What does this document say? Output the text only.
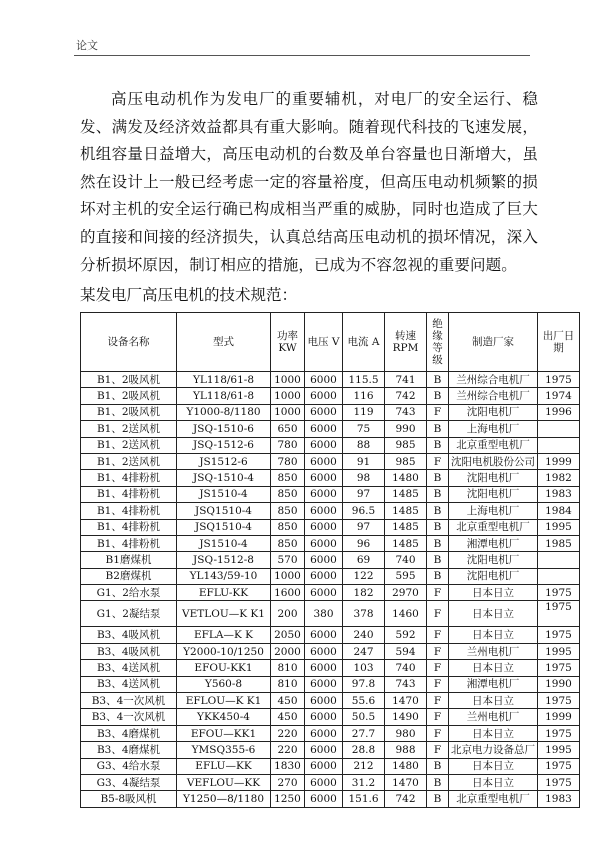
论文

高压电动机作为发电厂的重要辅机，对电厂的安全运行、稳发、满发及经济效益都具有重大影响。随着现代科技的飞速发展，机组容量日益增大，高压电动机的台数及单台容量也日渐增大，虽然在设计上一般已经考虑一定的容量裕度，但高压电动机频繁的损坏对主机的安全运行确已构成相当严重的威胁，同时也造成了巨大的直接和间接的经济损失，认真总结高压电动机的损坏情况，深入分析损坏原因，制订相应的措施，已成为不容忽视的重要问题。

某发电厂高压电机的技术规范：
设备名称	型式	功率 KW	电压 V	电流 A	转速 RPM	绝缘等级	制造厂家	出厂日期
B1、2吸风机	YL118/61-8	1000	6000	115.5	741	B	兰州综合电机厂	1975
B1、2吸风机	YL118/61-8	1000	6000	116	742	B	兰州综合电机厂	1974
B1、2吸风机	Y1000-8/1180	1000	6000	119	743	F	沈阳电机厂	1996
B1、2送风机	JSQ-1510-6	650	6000	75	990	B	上海电机厂	
B1、2送风机	JSQ-1512-6	780	6000	88	985	B	北京重型电机厂	
B1、2送风机	JS1512-6	780	6000	91	985	F	沈阳电机股份公司	1999
B1、4排粉机	JSQ-1510-4	850	6000	98	1480	B	沈阳电机厂	1982
B1、4排粉机	JS1510-4	850	6000	97	1485	B	沈阳电机厂	1983
B1、4排粉机	JSQ1510-4	850	6000	96.5	1485	B	上海电机厂	1984
B1、4排粉机	JSQ1510-4	850	6000	97	1485	B	北京重型电机厂	1995
B1、4排粉机	JS1510-4	850	6000	96	1485	B	湘潭电机厂	1985
B1磨煤机	JSQ-1512-8	570	6000	69	740	B	沈阳电机厂	
B2磨煤机	YL143/59-10	1000	6000	122	595	B	沈阳电机厂	
G1、2给水泵	EFLU-KK	1600	6000	182	2970	F	日本日立	1975
G1、2凝结泵	VETLOU—K K1	200	380	378	1460	F	日本日立	1975
B3、4吸风机	EFLA—K K	2050	6000	240	592	F	日本日立	1975
B3、4吸风机	Y2000-10/1250	2000	6000	247	594	F	兰州电机厂	1995
B3、4送风机	EFOU-KK1	810	6000	103	740	F	日本日立	1975
B3、4送风机	Y560-8	810	6000	97.8	743	F	湘潭电机厂	1990
B3、4一次风机	EFLOU—K K1	450	6000	55.6	1470	F	日本日立	1975
B3、4一次风机	YKK450-4	450	6000	50.5	1490	F	兰州电机厂	1999
B3、4磨煤机	EFOU—KK1	220	6000	27.7	980	F	日本日立	1975
B3、4磨煤机	YMSQ355-6	220	6000	28.8	988	F	北京电力设备总厂	1995
G3、4给水泵	EFLU—KK	1830	6000	212	1480	B	日本日立	1975
G3、4凝结泵	VEFLOU—KK	270	6000	31.2	1470	B	日本日立	1975
B5-8吸风机	Y1250—8/1180	1250	6000	151.6	742	B	北京重型电机厂	1983
